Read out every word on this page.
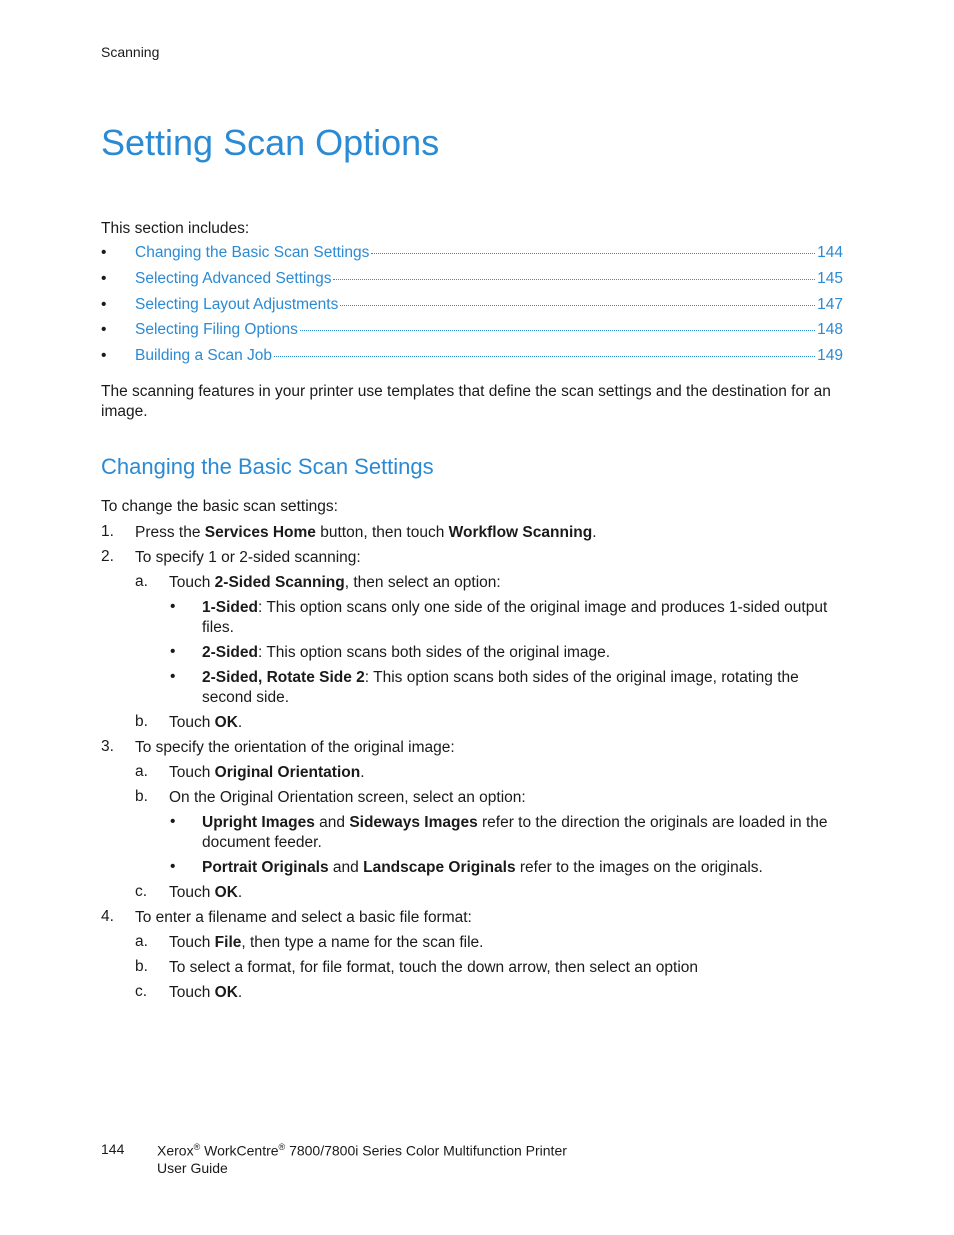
Scanning
Setting Scan Options
This section includes:
• Changing the Basic Scan Settings	144
• Selecting Advanced Settings	145
• Selecting Layout Adjustments	147
• Selecting Filing Options	148
• Building a Scan Job	149
The scanning features in your printer use templates that define the scan settings and the destination for an image.
Changing the Basic Scan Settings
To change the basic scan settings:
1. Press the Services Home button, then touch Workflow Scanning.
2. To specify 1 or 2-sided scanning:
a. Touch 2-Sided Scanning, then select an option:
• 1-Sided: This option scans only one side of the original image and produces 1-sided output files.
• 2-Sided: This option scans both sides of the original image.
• 2-Sided, Rotate Side 2: This option scans both sides of the original image, rotating the second side.
b. Touch OK.
3. To specify the orientation of the original image:
a. Touch Original Orientation.
b. On the Original Orientation screen, select an option:
• Upright Images and Sideways Images refer to the direction the originals are loaded in the document feeder.
• Portrait Originals and Landscape Originals refer to the images on the originals.
c. Touch OK.
4. To enter a filename and select a basic file format:
a. Touch File, then type a name for the scan file.
b. To select a format, for file format, touch the down arrow, then select an option
c. Touch OK.
144 Xerox® WorkCentre® 7800/7800i Series Color Multifunction Printer
User Guide
